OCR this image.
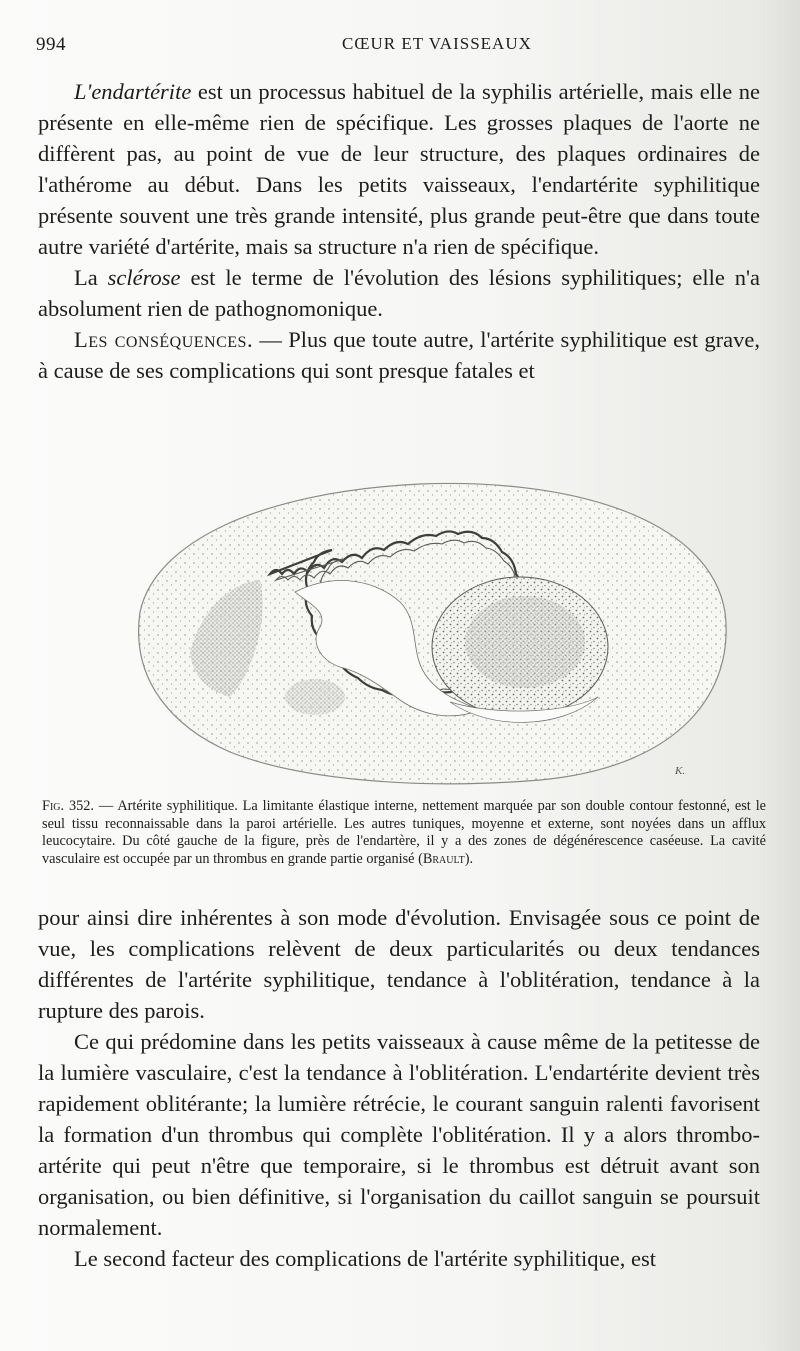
994	CŒUR ET VAISSEAUX

L'endartérite est un processus habituel de la syphilis artérielle, mais elle ne présente en elle-même rien de spécifique. Les grosses plaques de l'aorte ne diffèrent pas, au point de vue de leur structure, des plaques ordinaires de l'athérome au début. Dans les petits vaisseaux, l'endartérite syphilitique présente souvent une très grande intensité, plus grande peut-être que dans toute autre variété d'artérite, mais sa structure n'a rien de spécifique.

La sclérose est le terme de l'évolution des lésions syphilitiques; elle n'a absolument rien de pathognomonique.

Les conséquences. — Plus que toute autre, l'artérite syphilitique est grave, à cause de ses complications qui sont presque fatales et

K.

Fig. 352. — Artérite syphilitique. La limitante élastique interne, nettement marquée par son double contour festonné, est le seul tissu reconnaissable dans la paroi artérielle. Les autres tuniques, moyenne et externe, sont noyées dans un afflux leucocytaire. Du côté gauche de la figure, près de l'endartère, il y a des zones de dégénérescence caséeuse. La cavité vasculaire est occupée par un thrombus en grande partie organisé (Brault).

pour ainsi dire inhérentes à son mode d'évolution. Envisagée sous ce point de vue, les complications relèvent de deux particularités ou deux tendances différentes de l'artérite syphilitique, tendance à l'oblitération, tendance à la rupture des parois.

Ce qui prédomine dans les petits vaisseaux à cause même de la petitesse de la lumière vasculaire, c'est la tendance à l'oblitération. L'endartérite devient très rapidement oblitérante; la lumière rétrécie, le courant sanguin ralenti favorisent la formation d'un thrombus qui complète l'oblitération. Il y a alors thrombo-artérite qui peut n'être que temporaire, si le thrombus est détruit avant son organisation, ou bien définitive, si l'organisation du caillot sanguin se poursuit normalement.

Le second facteur des complications de l'artérite syphilitique, est
